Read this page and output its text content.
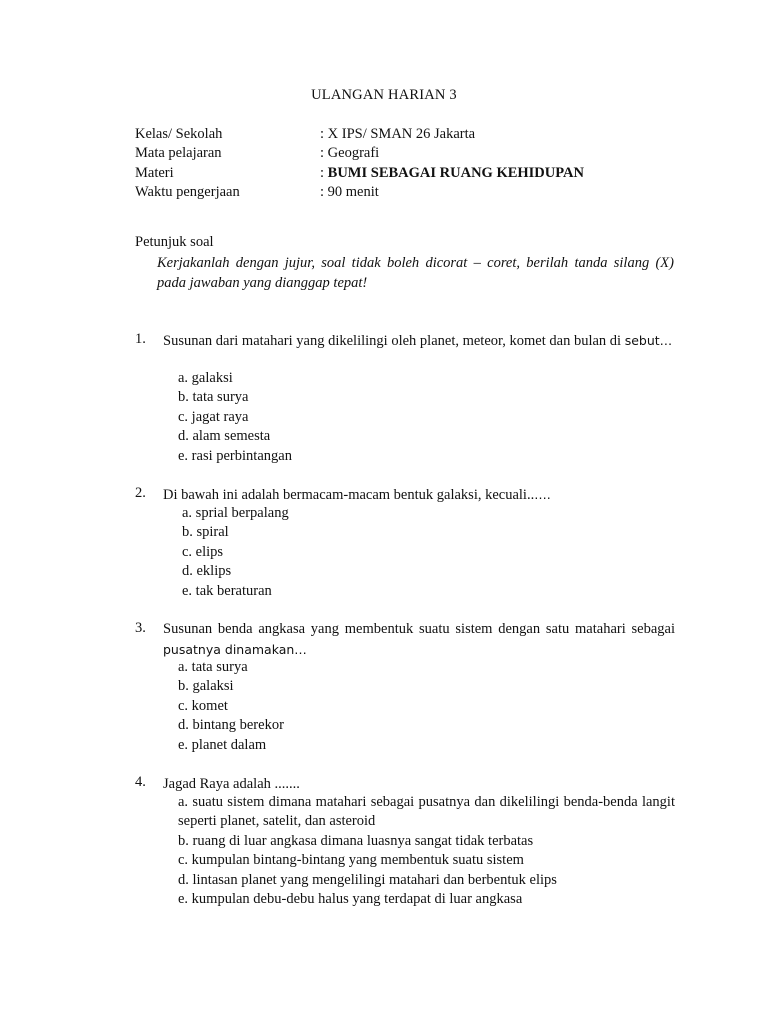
ULANGAN HARIAN 3
Kelas/ Sekolah	: X IPS/ SMAN 26 Jakarta
Mata pelajaran	: Geografi
Materi	: BUMI SEBAGAI RUANG KEHIDUPAN
Waktu pengerjaan	: 90 menit
Petunjuk soal
Kerjakanlah dengan jujur, soal tidak boleh dicorat – coret, berilah tanda silang (X) pada jawaban yang dianggap tepat!
1. Susunan dari matahari yang dikelilingi oleh planet, meteor, komet dan bulan di sebut…
a. galaksi
b. tata surya
c. jagat raya
d. alam semesta
e. rasi perbintangan
2. Di bawah ini adalah bermacam-macam bentuk galaksi, kecuali..….
a. sprial berpalang
b. spiral
c. elips
d. eklips
e. tak beraturan
3. Susunan benda angkasa yang membentuk suatu sistem dengan satu matahari sebagai pusatnya dinamakan…
a. tata surya
b. galaksi
c. komet
d. bintang berekor
e. planet dalam
4. Jagad Raya adalah .......
a. suatu sistem dimana matahari sebagai pusatnya dan dikelilingi benda-benda langit seperti planet, satelit, dan asteroid
b. ruang di luar angkasa dimana luasnya sangat tidak terbatas
c. kumpulan bintang-bintang yang membentuk suatu sistem
d. lintasan planet yang mengelilingi matahari dan berbentuk elips
e. kumpulan debu-debu halus yang terdapat di luar angkasa
